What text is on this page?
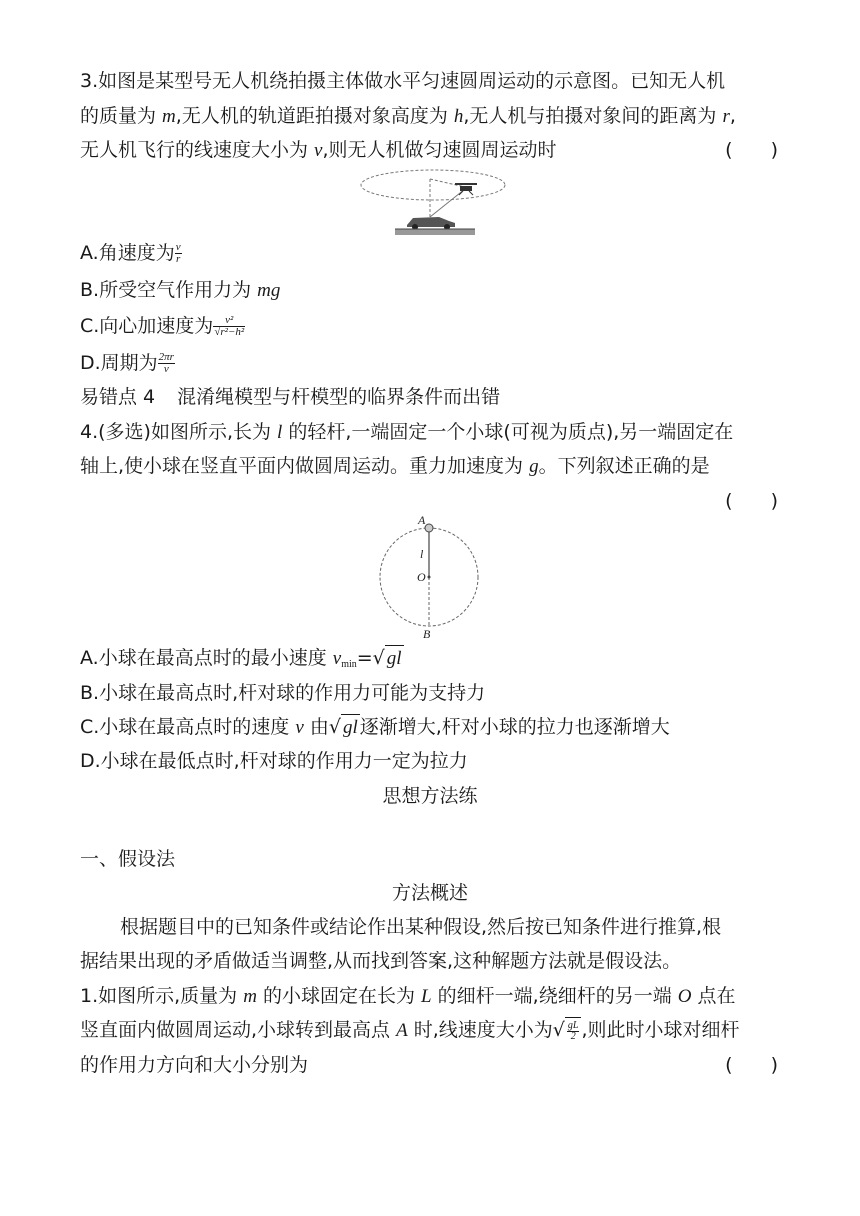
3.如图是某型号无人机绕拍摄主体做水平匀速圆周运动的示意图。已知无人机
的质量为 m,无人机的轨道距拍摄对象高度为 h,无人机与拍摄对象间的距离为 r,
无人机飞行的线速度大小为 v,则无人机做匀速圆周运动时	(　　)
A.角速度为 $\frac{v}{r}$
B.所受空气作用力为 mg
C.向心加速度为 $\frac{\text{v²}}{\text{√r²−h²}}$
D.周期为 $\frac{2\pi r}{v}$
易错点 4 混淆绳模型与杆模型的临界条件而出错
4.(多选)如图所示,长为 l 的轻杆,一端固定一个小球(可视为质点),另一端固定在
轴上,使小球在竖直平面内做圆周运动。重力加速度为 g。下列叙述正确的是
(　　)
A
l
O
B
A.小球在最高点时的最小速度 $v_{min}=√$ gl
B.小球在最高点时,杆对球的作用力可能为支持力
C.小球在最高点时的速度 v 由√ gl 逐渐增大,杆对小球的拉力也逐渐增大
D.小球在最低点时,杆对球的作用力一定为拉力
思想方法练
一、假设法
方法概述
根据题目中的已知条件或结论作出某种假设,然后按已知条件进行推算,根
据结果出现的矛盾做适当调整,从而找到答案,这种解题方法就是假设法。
1.如图所示,质量为 m 的小球固定在长为 L 的细杆一端,绕细杆的另一端 O 点在
竖直面内做圆周运动,小球转到最高点 A 时,线速度大小为√ $\frac{gL}{2}$ ,则此时小球对细杆
的作用力方向和大小分别为	(　　)
